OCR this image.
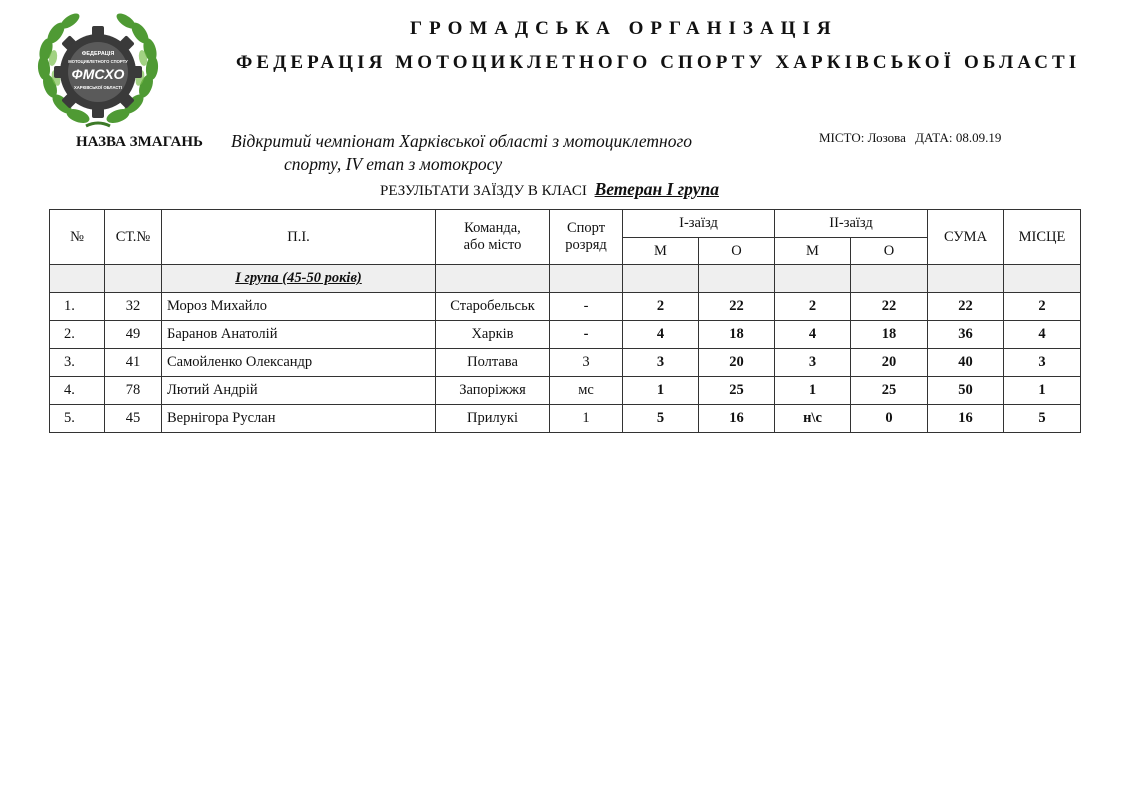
ФЕДЕРАЦІЯ
МОТОЦИКЛЕТНОГО СПОРТУ
ФМСХО
ХАРКІВСЬКОЇ ОБЛАСТІ
ГРОМАДСЬКА ОРГАНІЗАЦІЯ
ФЕДЕРАЦІЯ МОТОЦИКЛЕТНОГО СПОРТУ ХАРКІВСЬКОЇ ОБЛАСТІ
НАЗВА ЗМАГАНЬ Відкритий чемпіонат Харківської області з мотоциклетного
спорту, IV етап з мотокросу
МІСТО: Лозова ДАТА: 08.09.19
РЕЗУЛЬТАТИ ЗАЇЗДУ В КЛАСІ Ветеран І група
№	СТ.№	П.І.	Команда, або місто	Спорт розряд	І-заїзд		ІІ-заїзд		СУМА	МІСЦЕ
					М	О	М	О		
		І група (45-50 років)								
1.	32	Мороз Михайло	Старобельськ	-	2	22	2	22	22	2
2.	49	Баранов Анатолій	Харків	-	4	18	4	18	36	4
3.	41	Самойленко Олександр	Полтава	3	3	20	3	20	40	3
4.	78	Лютий Андрій	Запоріжжя	мс	1	25	1	25	50	1
5.	45	Вернігора Руслан	Прилукі	1	5	16	н\с	0	16	5
